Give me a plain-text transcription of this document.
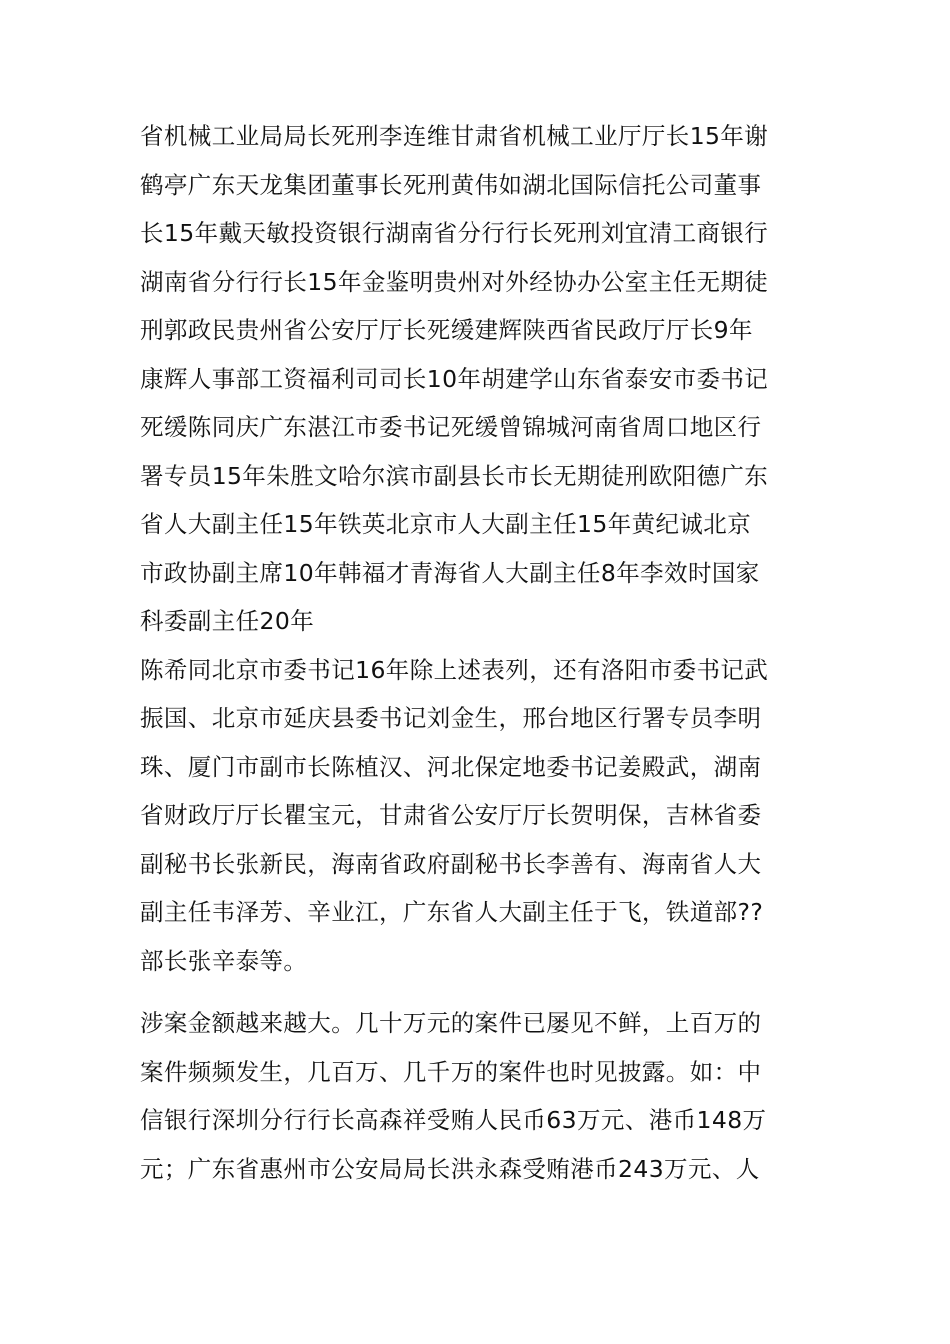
省机械工业局局长死刑李连维甘肃省机械工业厅厅长15年谢
鹤亭广东天龙集团董事长死刑黄伟如湖北国际信托公司董事
长15年戴天敏投资银行湖南省分行行长死刑刘宜清工商银行
湖南省分行行长15年金鉴明贵州对外经协办公室主任无期徒
刑郭政民贵州省公安厅厅长死缓建辉陕西省民政厅厅长9年
康辉人事部工资福利司司长10年胡建学山东省泰安市委书记
死缓陈同庆广东湛江市委书记死缓曾锦城河南省周口地区行
署专员15年朱胜文哈尔滨市副县长市长无期徒刑欧阳德广东
省人大副主任15年铁英北京市人大副主任15年黄纪诚北京
市政协副主席10年韩福才青海省人大副主任8年李效时国家
科委副主任20年
陈希同北京市委书记16年除上述表列，还有洛阳市委书记武
振国、北京市延庆县委书记刘金生，邢台地区行署专员李明
珠、厦门市副市长陈植汉、河北保定地委书记姜殿武，湖南
省财政厅厅长瞿宝元，甘肃省公安厅厅长贺明保，吉林省委
副秘书长张新民，海南省政府副秘书长李善有、海南省人大
副主任韦泽芳、辛业江，广东省人大副主任于飞，铁道部??
部长张辛泰等。
涉案金额越来越大。几十万元的案件已屡见不鲜，上百万的
案件频频发生，几百万、几千万的案件也时见披露。如：中
信银行深圳分行行长高森祥受贿人民币63万元、港币148万
元；广东省惠州市公安局局长洪永森受贿港币243万元、人
